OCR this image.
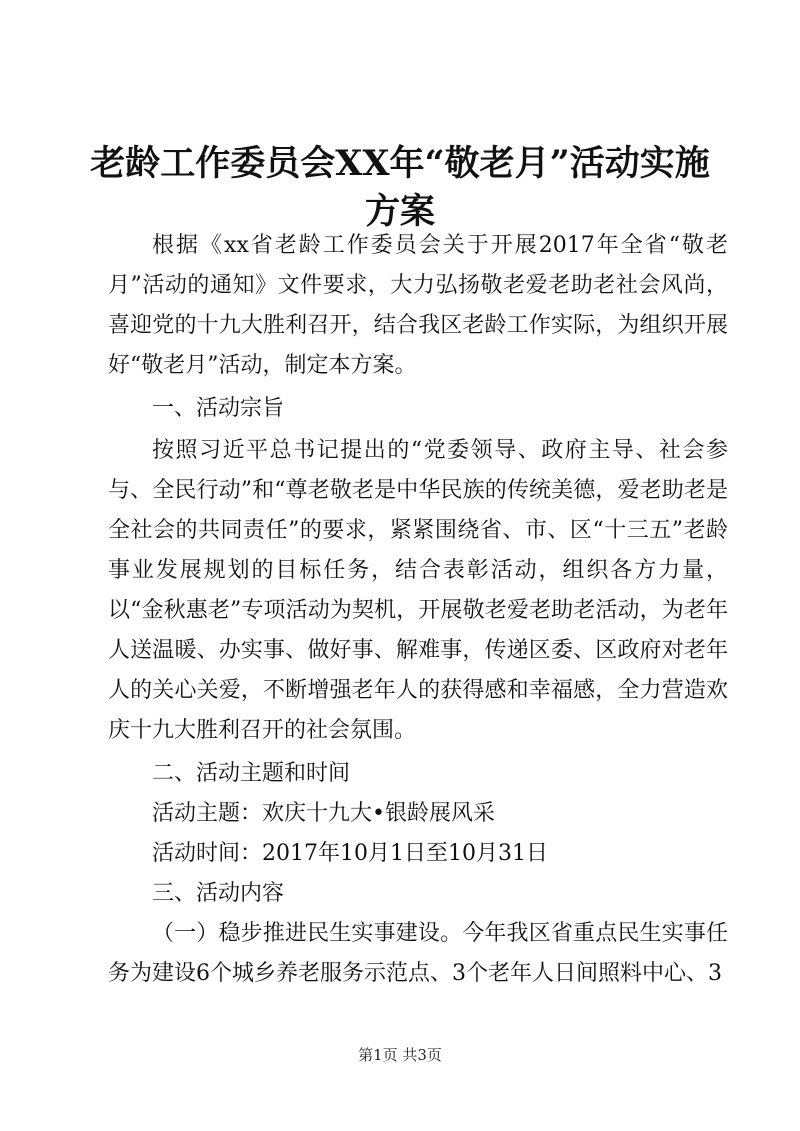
老龄工作委员会XX年“敬老月”活动实施方案

根据《xx省老龄工作委员会关于开展2017年全省“敬老月”活动的通知》文件要求，大力弘扬敬老爱老助老社会风尚，喜迎党的十九大胜利召开，结合我区老龄工作实际，为组织开展好“敬老月”活动，制定本方案。

一、活动宗旨

按照习近平总书记提出的“党委领导、政府主导、社会参与、全民行动”和“尊老敬老是中华民族的传统美德，爱老助老是全社会的共同责任”的要求，紧紧围绕省、市、区“十三五”老龄事业发展规划的目标任务，结合表彰活动，组织各方力量，以“金秋惠老”专项活动为契机，开展敬老爱老助老活动，为老年人送温暖、办实事、做好事、解难事，传递区委、区政府对老年人的关心关爱，不断增强老年人的获得感和幸福感，全力营造欢庆十九大胜利召开的社会氛围。

二、活动主题和时间

活动主题：欢庆十九大•银龄展风采

活动时间：2017年10月1日至10月31日

三、活动内容

（一）稳步推进民生实事建设。今年我区省重点民生实事任务为建设6个城乡养老服务示范点、3个老年人日间照料中心、3

第1页 共3页
